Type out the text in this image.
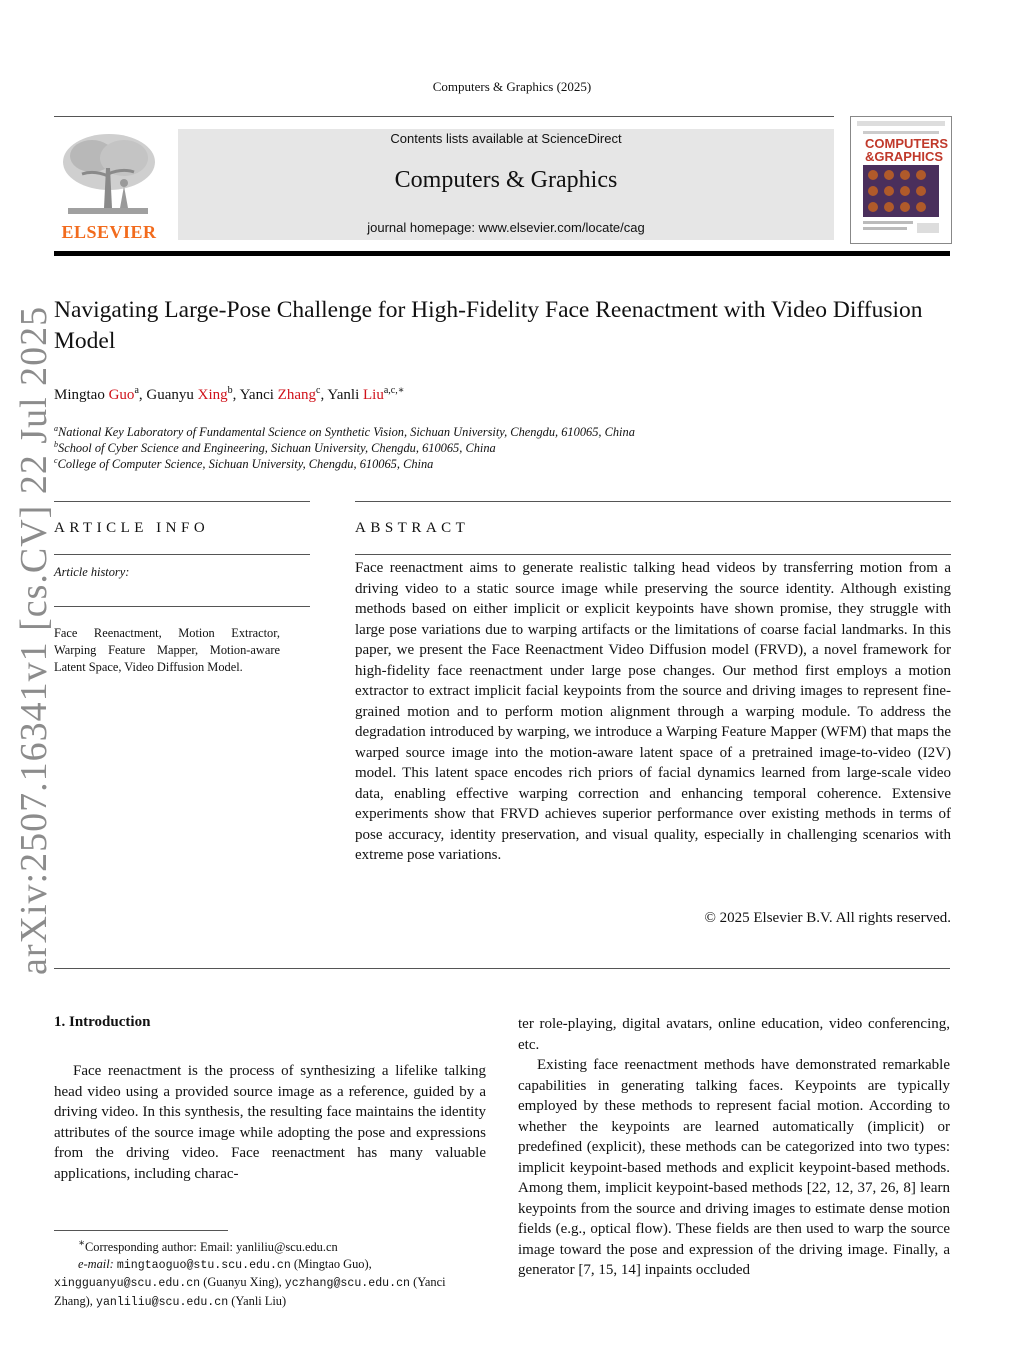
arXiv:2507.16341v1 [cs.CV] 22 Jul 2025
Computers & Graphics (2025)
ELSEVIER
Contents lists available at ScienceDirect
Computers & Graphics
journal homepage: www.elsevier.com/locate/cag
COMPUTERS
&GRAPHICS
Navigating Large-Pose Challenge for High-Fidelity Face Reenactment with Video Diffusion Model
Mingtao Guo$^a$, Guanyu Xing$^b$, Yanci Zhang$^c$, Yanli Liu$^{a,c,∗}$
$^a$National Key Laboratory of Fundamental Science on Synthetic Vision, Sichuan University, Chengdu, 610065, China
$^b$School of Cyber Science and Engineering, Sichuan University, Chengdu, 610065, China
$^c$College of Computer Science, Sichuan University, Chengdu, 610065, China
ARTICLE INFO
Article history:
Face Reenactment, Motion Extractor, Warping Feature Mapper, Motion-aware Latent Space, Video Diffusion Model.
ABSTRACT

Face reenactment aims to generate realistic talking head videos by transferring motion from a driving video to a static source image while preserving the source identity. Although existing methods based on either implicit or explicit keypoints have shown promise, they struggle with large pose variations due to warping artifacts or the limitations of coarse facial landmarks. In this paper, we present the Face Reenactment Video Diffusion model (FRVD), a novel framework for high-fidelity face reenactment under large pose changes. Our method first employs a motion extractor to extract implicit facial keypoints from the source and driving images to represent fine-grained motion and to perform motion alignment through a warping module. To address the degradation introduced by warping, we introduce a Warping Feature Mapper (WFM) that maps the warped source image into the motion-aware latent space of a pretrained image-to-video (I2V) model. This latent space encodes rich priors of facial dynamics learned from large-scale video data, enabling effective warping correction and enhancing temporal coherence. Extensive experiments show that FRVD achieves superior performance over existing methods in terms of pose accuracy, identity preservation, and visual quality, especially in challenging scenarios with extreme pose variations.

© 2025 Elsevier B.V. All rights reserved.
1. Introduction

Face reenactment is the process of synthesizing a lifelike talking head video using a provided source image as a reference, guided by a driving video. In this synthesis, the resulting face maintains the identity attributes of the source image while adopting the pose and expressions from the driving video. Face reenactment has many valuable applications, including charac-

ter role-playing, digital avatars, online education, video conferencing, etc.

Existing face reenactment methods have demonstrated remarkable capabilities in generating talking faces. Keypoints are typically employed by these methods to represent facial motion. According to whether the keypoints are learned automatically (implicit) or predefined (explicit), these methods can be categorized into two types: implicit keypoint-based methods and explicit keypoint-based methods. Among them, implicit keypoint-based methods [22, 12, 37, 26, 8] learn keypoints from the source and driving images to estimate dense motion fields (e.g., optical flow). These fields are then used to warp the source image toward the pose and expression of the driving image. Finally, a generator [7, 15, 14] inpaints occluded

∗Corresponding author: Email: yanliliu@scu.edu.cn
e-mail: mingtaoguo@stu.scu.edu.cn (Mingtao Guo),
xingguanyu@scu.edu.cn (Guanyu Xing), yczhang@scu.edu.cn (Yanci Zhang), yanliliu@scu.edu.cn (Yanli Liu)
